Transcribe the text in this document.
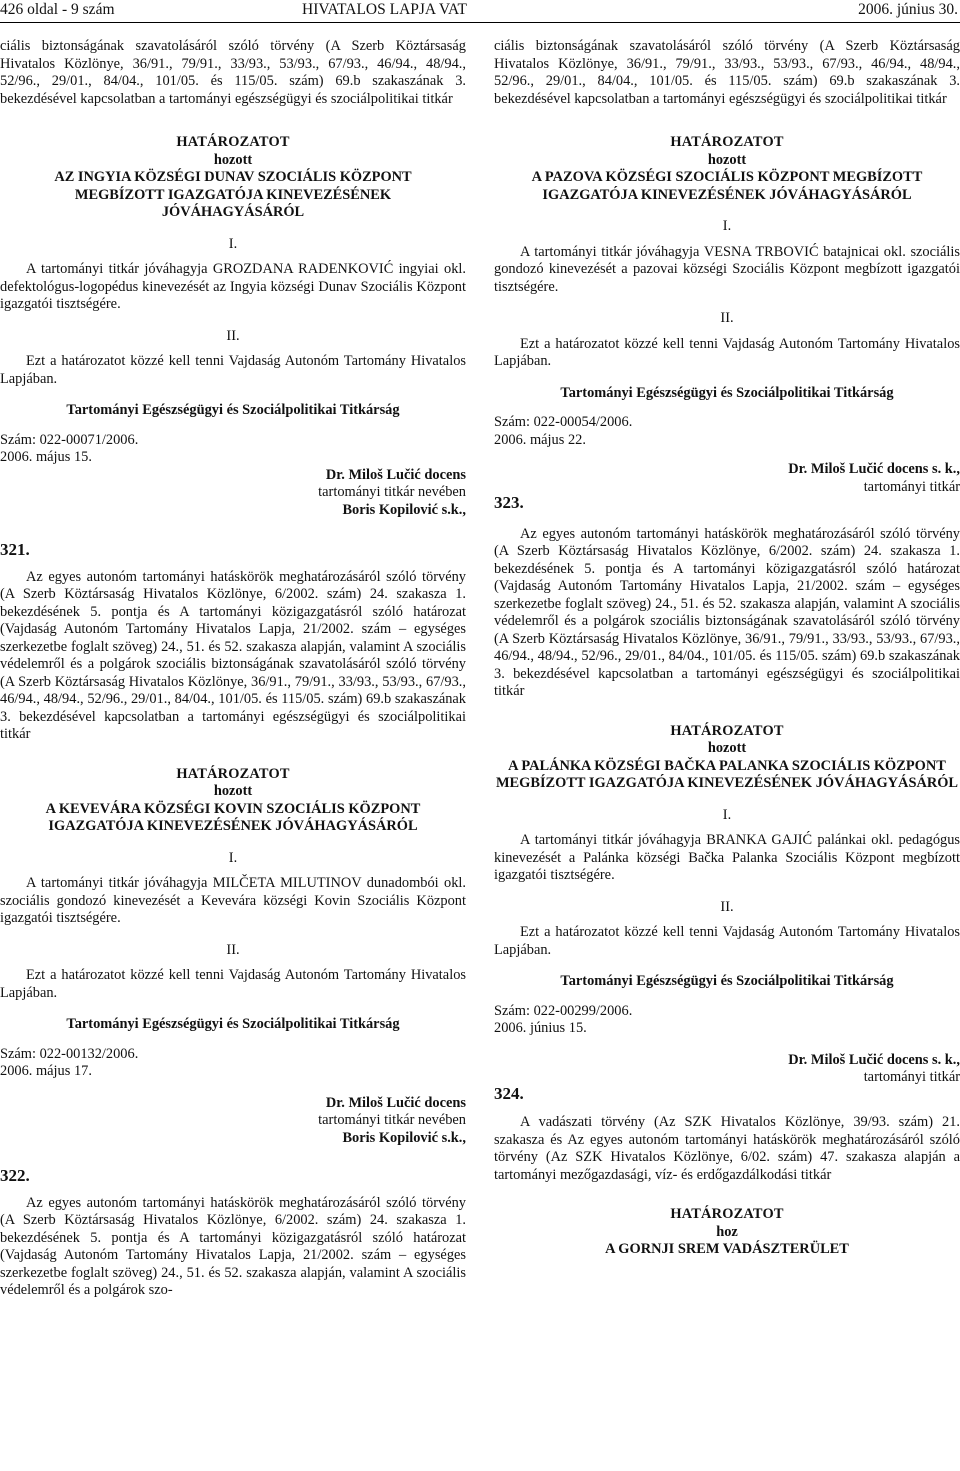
426 oldal - 9 szám	HIVATALOS LAPJA VAT	2006. június 30.

ciális biztonságának szavatolásáról szóló törvény (A Szerb Köztársaság Hivatalos Közlönye, 36/91., 79/91., 33/93., 53/93., 67/93., 46/94., 48/94., 52/96., 29/01., 84/04., 101/05. és 115/05. szám) 69.b szakaszának 3. bekezdésével kapcsolatban a tartományi egészségügyi és szociálpolitikai titkár

HATÁROZATOT

hozott

AZ INGYIA KÖZSÉGI DUNAV SZOCIÁLIS KÖZPONT MEGBÍZOTT IGAZGATÓJA KINEVEZÉSÉNEK JÓVÁHAGYÁSÁRÓL

I.

A tartományi titkár jóváhagyja GROZDANA RADENKOVIĆ ingyiai okl. defektológus-logopédus kinevezését az Ingyia községi Dunav Szociális Központ igazgatói tisztségére.

II.

Ezt a határozatot közzé kell tenni Vajdaság Autonóm Tartomány Hivatalos Lapjában.

Tartományi Egészségügyi és Szociálpolitikai Titkárság

Szám: 022-00071/2006.

2006. május 15.

Dr. Miloš Lučić docens

tartományi titkár nevében

Boris Kopilović s.k.,

321.

Az egyes autonóm tartományi hatáskörök meghatározásáról szóló törvény (A Szerb Köztársaság Hivatalos Közlönye, 6/2002. szám) 24. szakasza 1. bekezdésének 5. pontja és A tartományi közigazgatásról szóló határozat (Vajdaság Autonóm Tartomány Hivatalos Lapja, 21/2002. szám – egységes szerkezetbe foglalt szöveg) 24., 51. és 52. szakasza alapján, valamint A szociális védelemről és a polgárok szociális biztonságának szavatolásáról szóló törvény (A Szerb Köztársaság Hivatalos Közlönye, 36/91., 79/91., 33/93., 53/93., 67/93., 46/94., 48/94., 52/96., 29/01., 84/04., 101/05. és 115/05. szám) 69.b szakaszának 3. bekezdésével kapcsolatban a tartományi egészségügyi és szociálpolitikai titkár

HATÁROZATOT

hozott

A KEVEVÁRA KÖZSÉGI KOVIN SZOCIÁLIS KÖZPONT IGAZGATÓJA KINEVEZÉSÉNEK JÓVÁHAGYÁSÁRÓL

I.

A tartományi titkár jóváhagyja MILČETA MILUTINOV dunadombói okl. szociális gondozó kinevezését a Kevevára községi Kovin Szociális Központ igazgatói tisztségére.

II.

Ezt a határozatot közzé kell tenni Vajdaság Autonóm Tartomány Hivatalos Lapjában.

Tartományi Egészségügyi és Szociálpolitikai Titkárság

Szám: 022-00132/2006.

2006. május 17.

Dr. Miloš Lučić docens

tartományi titkár nevében

Boris Kopilović s.k.,

322.

Az egyes autonóm tartományi hatáskörök meghatározásáról szóló törvény (A Szerb Köztársaság Hivatalos Közlönye, 6/2002. szám) 24. szakasza 1. bekezdésének 5. pontja és A tartományi közigazgatásról szóló határozat (Vajdaság Autonóm Tartomány Hivatalos Lapja, 21/2002. szám – egységes szerkezetbe foglalt szöveg) 24., 51. és 52. szakasza alapján, valamint A szociális védelemről és a polgárok szo-

ciális biztonságának szavatolásáról szóló törvény (A Szerb Köztársaság Hivatalos Közlönye, 36/91., 79/91., 33/93., 53/93., 67/93., 46/94., 48/94., 52/96., 29/01., 84/04., 101/05. és 115/05. szám) 69.b szakaszának 3. bekezdésével kapcsolatban a tartományi egészségügyi és szociálpolitikai titkár

HATÁROZATOT

hozott

A PAZOVA KÖZSÉGI SZOCIÁLIS KÖZPONT MEGBÍZOTT IGAZGATÓJA KINEVEZÉSÉNEK JÓVÁHAGYÁSÁRÓL

I.

A tartományi titkár jóváhagyja VESNA TRBOVIĆ batajnicai okl. szociális gondozó kinevezését a pazovai községi Szociális Központ megbízott igazgatói tisztségére.

II.

Ezt a határozatot közzé kell tenni Vajdaság Autonóm Tartomány Hivatalos Lapjában.

Tartományi Egészségügyi és Szociálpolitikai Titkárság

Szám: 022-00054/2006.

2006. május 22.

Dr. Miloš Lučić docens s. k.,

tartományi titkár

323.

Az egyes autonóm tartományi hatáskörök meghatározásáról szóló törvény (A Szerb Köztársaság Hivatalos Közlönye, 6/2002. szám) 24. szakasza 1. bekezdésének 5. pontja és A tartományi közigazgatásról szóló határozat (Vajdaság Autonóm Tartomány Hivatalos Lapja, 21/2002. szám – egységes szerkezetbe foglalt szöveg) 24., 51. és 52. szakasza alapján, valamint A szociális védelemről és a polgárok szociális biztonságának szavatolásáról szóló törvény (A Szerb Köztársaság Hivatalos Közlönye, 36/91., 79/91., 33/93., 53/93., 67/93., 46/94., 48/94., 52/96., 29/01., 84/04., 101/05. és 115/05. szám) 69.b szakaszának 3. bekezdésével kapcsolatban a tartományi egészségügyi és szociálpolitikai titkár

HATÁROZATOT

hozott

A PALÁNKA KÖZSÉGI BAČKA PALANKA SZOCIÁLIS KÖZPONT MEGBÍZOTT IGAZGATÓJA KINEVEZÉSÉNEK JÓVÁHAGYÁSÁRÓL

I.

A tartományi titkár jóváhagyja BRANKA GAJIĆ palánkai okl. pedagógus kinevezését a Palánka községi Bačka Palanka Szociális Központ megbízott igazgatói tisztségére.

II.

Ezt a határozatot közzé kell tenni Vajdaság Autonóm Tartomány Hivatalos Lapjában.

Tartományi Egészségügyi és Szociálpolitikai Titkárság

Szám: 022-00299/2006.

2006. június 15.

Dr. Miloš Lučić docens s. k.,

tartományi titkár

324.

A vadászati törvény (Az SZK Hivatalos Közlönye, 39/93. szám) 21. szakasza és Az egyes autonóm tartományi hatáskörök meghatározásáról szóló törvény (Az SZK Hivatalos Közlönye, 6/02. szám) 47. szakasza alapján a tartományi mezőgazdasági, víz- és erdőgazdálkodási titkár

HATÁROZATOT

hoz

A GORNJI SREM VADÁSZTERÜLET
